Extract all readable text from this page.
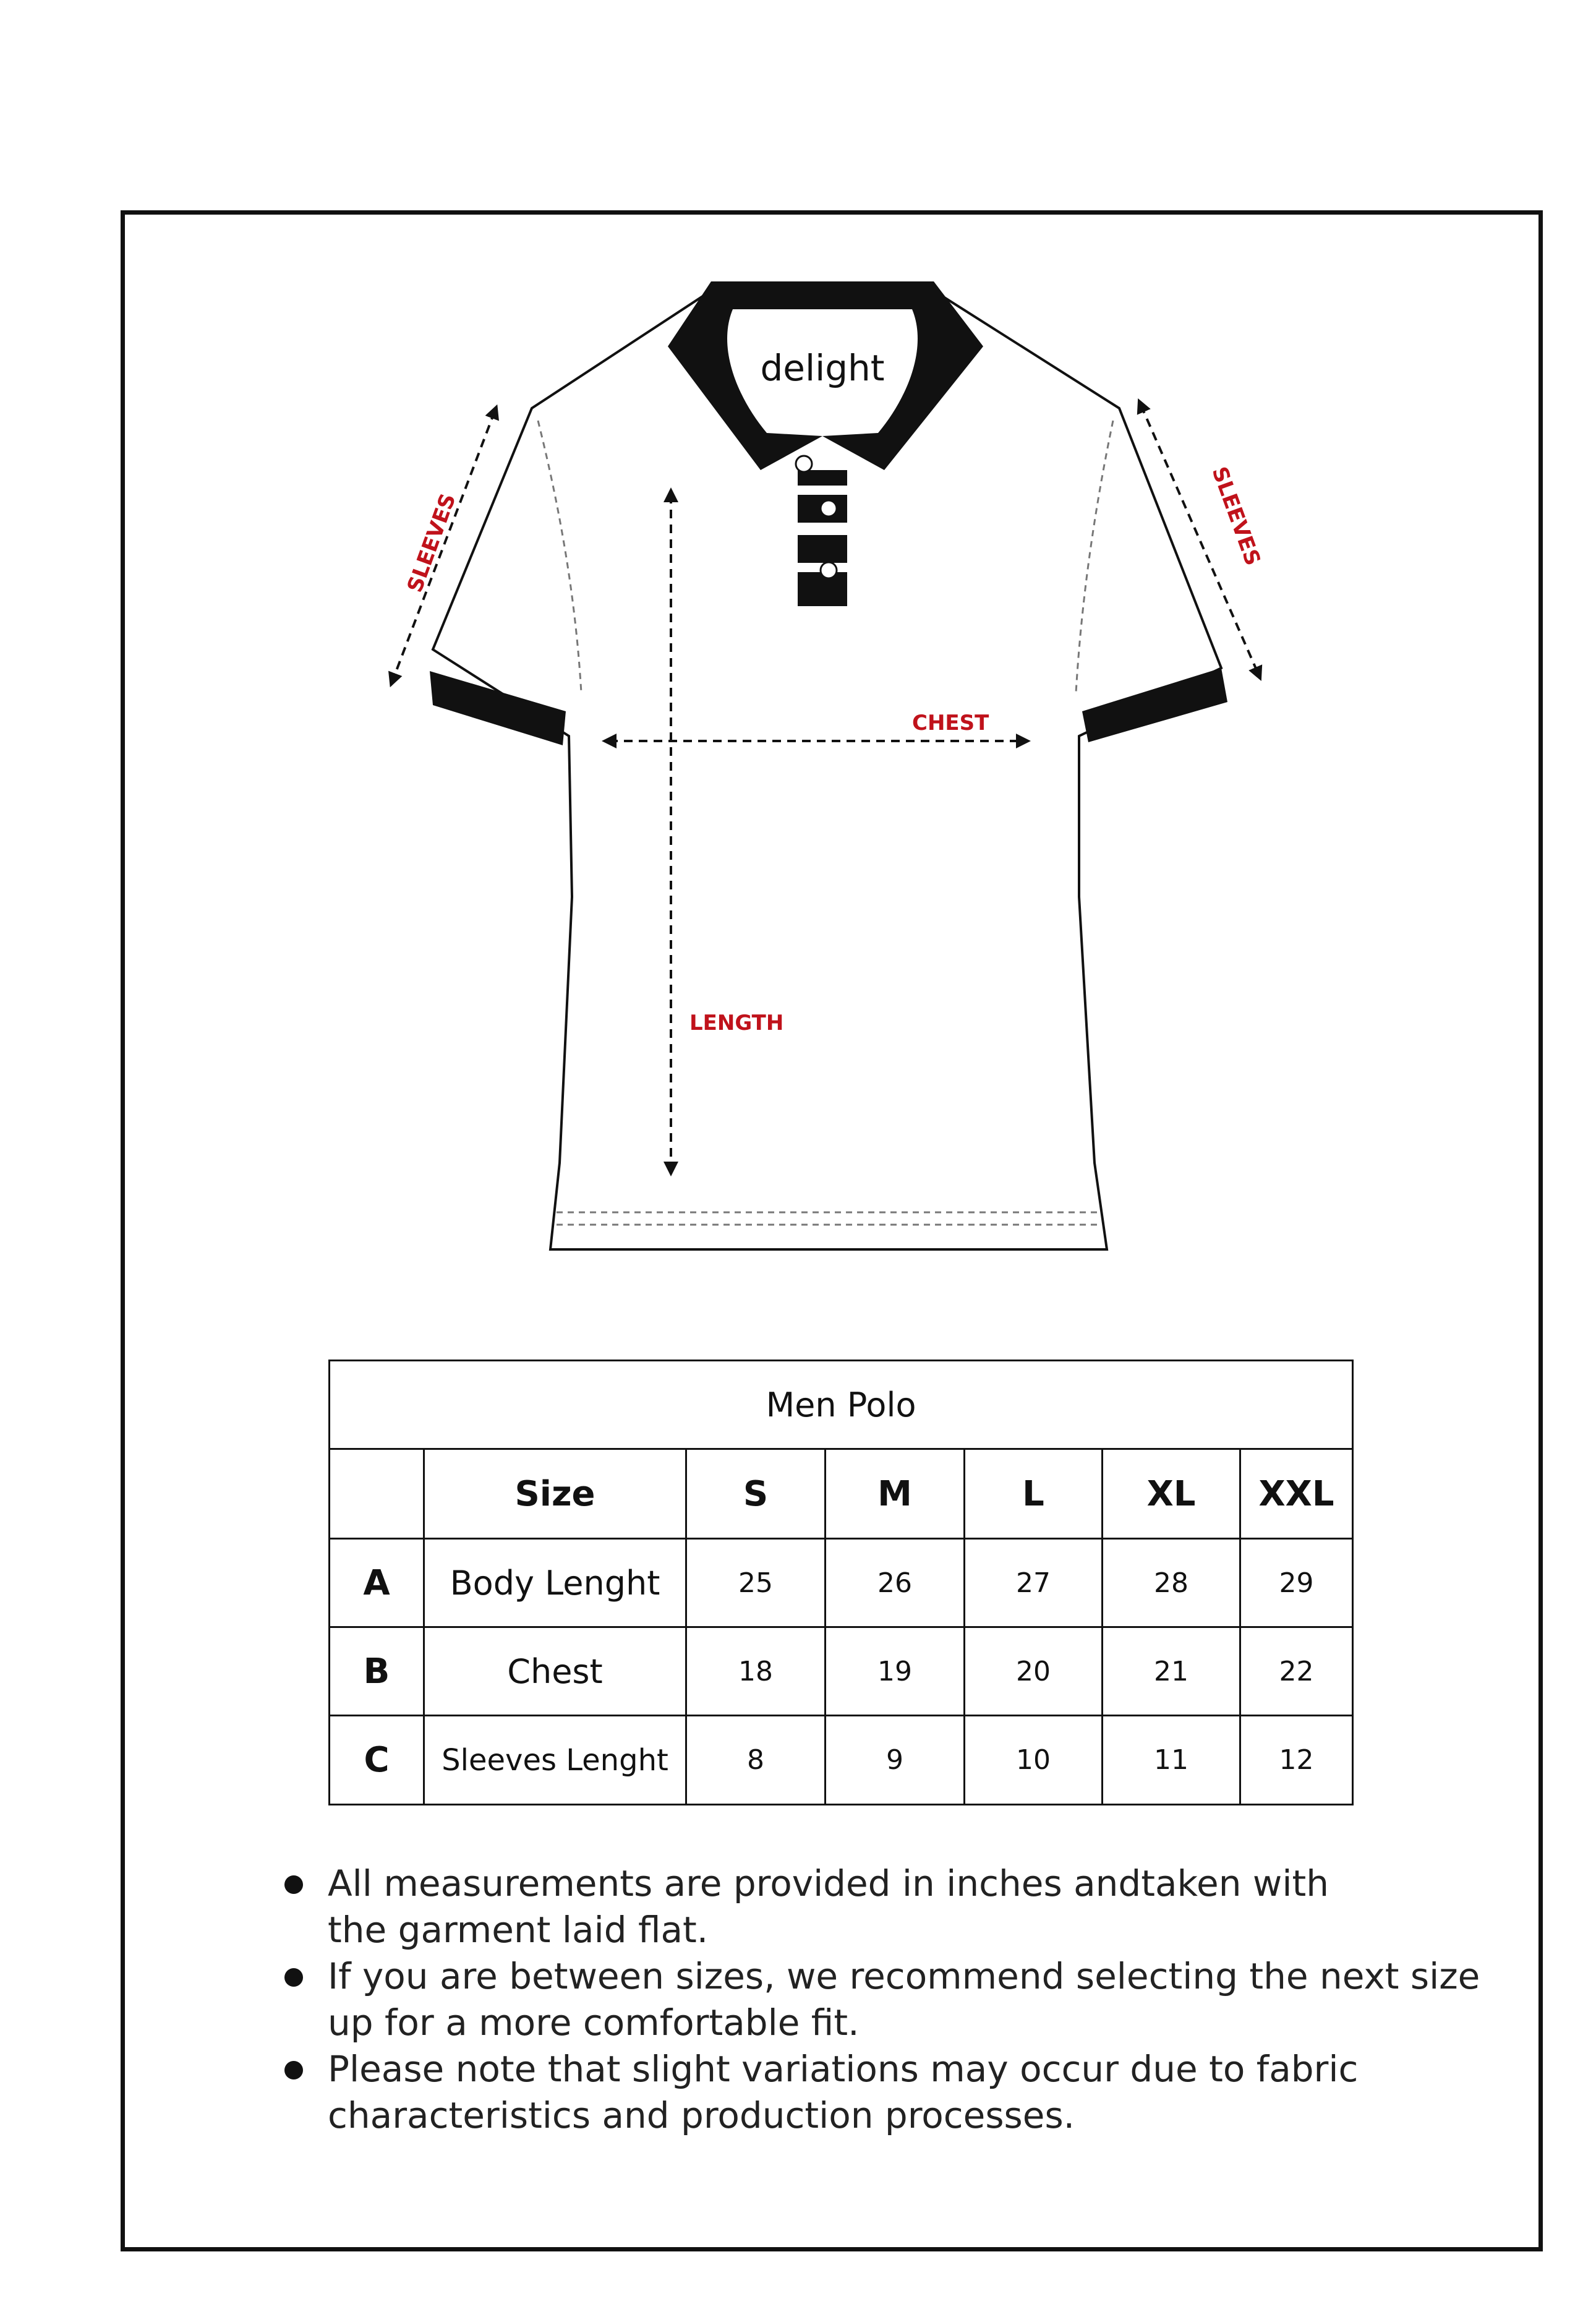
delight
SLEEVES	SLEEVES
CHEST
LENGTH
Men Polo						
	Size	S	M	L	XL	XXL
A	Body Lenght	25	26	27	28	29
B	Chest	18	19	20	21	22
C	Sleeves Lenght	8	9	10	11	12
All measurements are provided in inches andtaken with
the garment laid flat.
If you are between sizes, we recommend selecting the next size
up for a more comfortable fit.
Please note that slight variations may occur due to fabric
characteristics and production processes.
